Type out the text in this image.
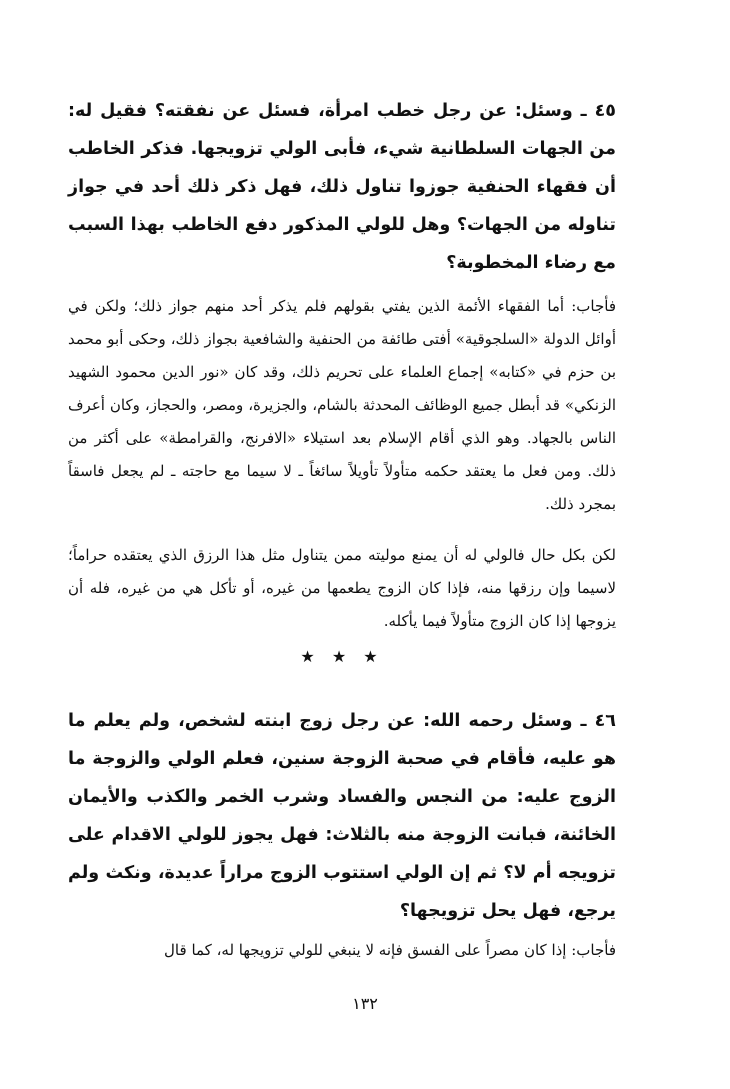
٤٥ ـ وسئل: عن رجل خطب امرأة، فسئل عن نفقته؟ فقيل له: من الجهات السلطانية شيء، فأبى الولي تزويجها. فذكر الخاطب أن فقهاء الحنفية جوزوا تناول ذلك، فهل ذكر ذلك أحد في جواز تناوله من الجهات؟ وهل للولي المذكور دفع الخاطب بهذا السبب مع رضاء المخطوبة؟

فأجاب: أما الفقهاء الأئمة الذين يفتي بقولهم فلم يذكر أحد منهم جواز ذلك؛ ولكن في أوائل الدولة «السلجوقية» أفتى طائفة من الحنفية والشافعية بجواز ذلك، وحكى أبو محمد بن حزم في «كتابه» إجماع العلماء على تحريم ذلك، وقد كان «نور الدين محمود الشهيد الزنكي» قد أبطل جميع الوظائف المحدثة بالشام، والجزيرة، ومصر، والحجاز، وكان أعرف الناس بالجهاد. وهو الذي أقام الإسلام بعد استيلاء «الافرنج، والقرامطة» على أكثر من ذلك. ومن فعل ما يعتقد حكمه متأولاً تأويلاً سائغاً ـ لا سيما مع حاجته ـ لم يجعل فاسقاً بمجرد ذلك.

لكن بكل حال فالولي له أن يمنع موليته ممن يتناول مثل هذا الرزق الذي يعتقده حراماً؛ لاسيما وإن رزقها منه، فإذا كان الزوج يطعمها من غيره، أو تأكل هي من غيره، فله أن يزوجها إذا كان الزوج متأولاً فيما يأكله.

★ ★ ★

٤٦ ـ وسئل رحمه الله: عن رجل زوج ابنته لشخص، ولم يعلم ما هو عليه، فأقام في صحبة الزوجة سنين، فعلم الولي والزوجة ما الزوج عليه: من النجس والفساد وشرب الخمر والكذب والأيمان الخائنة، فبانت الزوجة منه بالثلاث: فهل يجوز للولي الاقدام على تزويجه أم لا؟ ثم إن الولي استتوب الزوج مراراً عديدة، ونكث ولم يرجع، فهل يحل تزويجها؟

فأجاب: إذا كان مصراً على الفسق فإنه لا ينبغي للولي تزويجها له، كما قال

١٣٢
